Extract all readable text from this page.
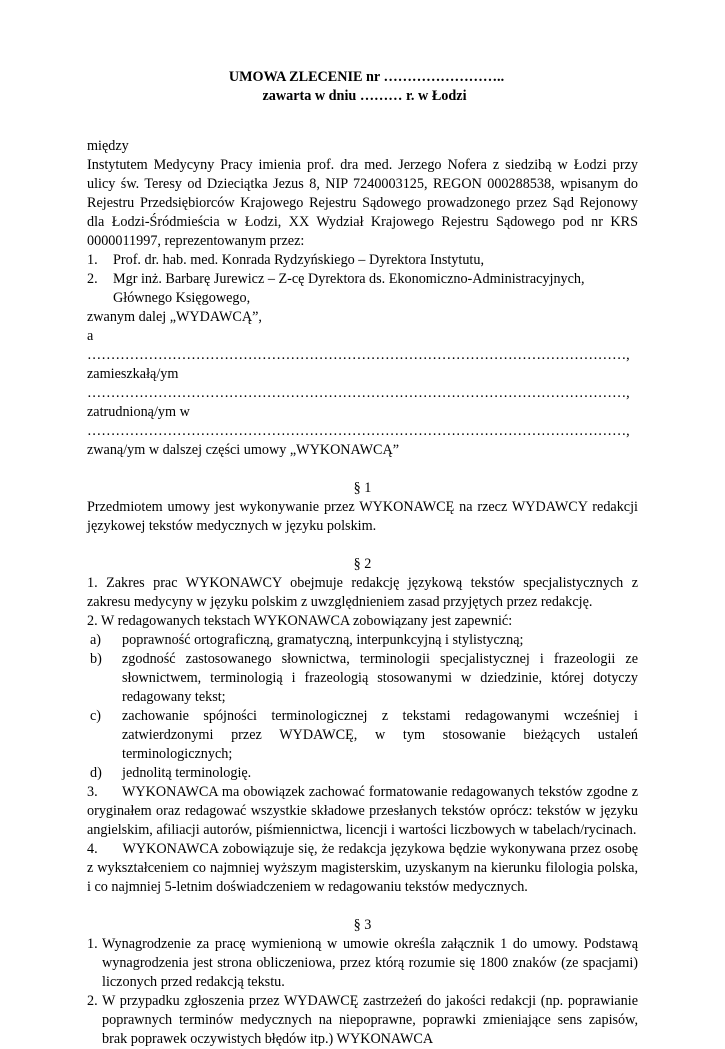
UMOWA ZLECENIE nr ……………………..

zawarta w dniu ……… r. w Łodzi

między

Instytutem Medycyny Pracy imienia prof. dra med. Jerzego Nofera z siedzibą w Łodzi przy ulicy św. Teresy od Dzieciątka Jezus 8, NIP 7240003125, REGON 000288538, wpisanym do Rejestru Przedsiębiorców Krajowego Rejestru Sądowego prowadzonego przez Sąd Rejonowy dla Łodzi-Śródmieścia w Łodzi, XX Wydział Krajowego Rejestru Sądowego pod nr KRS 0000011997, reprezentowanym przez:

1.	Prof. dr. hab. med. Konrada Rydzyńskiego – Dyrektora Instytutu,
2.	Mgr inż. Barbarę Jurewicz – Z-cę Dyrektora ds. Ekonomiczno-Administracyjnych, Głównego Księgowego,

zwanym dalej „WYDAWCĄ”,

a

……………………………………………………………………………………………………,

zamieszkałą/ym

……………………………………………………………………………………………………,

zatrudnioną/ym w

……………………………………………………………………………………………………,

zwaną/ym w dalszej części umowy „WYKONAWCĄ”

§ 1

Przedmiotem umowy jest wykonywanie przez WYKONAWCĘ na rzecz WYDAWCY redakcji językowej tekstów medycznych w języku polskim.

§ 2

1. Zakres prac WYKONAWCY obejmuje redakcję językową tekstów specjalistycznych z zakresu medycyny w języku polskim z uwzględnieniem zasad przyjętych przez redakcję.

2. W redagowanych tekstach WYKONAWCA zobowiązany jest zapewnić:

a)	poprawność ortograficzną, gramatyczną, interpunkcyjną i stylistyczną;
b)	zgodność zastosowanego słownictwa, terminologii specjalistycznej i frazeologii ze słownictwem, terminologią i frazeologią stosowanymi w dziedzinie, której dotyczy redagowany tekst;
c)	zachowanie spójności terminologicznej z tekstami redagowanymi wcześniej i zatwierdzonymi przez WYDAWCĘ, w tym stosowanie bieżących ustaleń terminologicznych;
d)	jednolitą terminologię.

3.      WYKONAWCA ma obowiązek zachować formatowanie redagowanych tekstów zgodne z oryginałem oraz redagować wszystkie składowe przesłanych tekstów oprócz: tekstów w języku angielskim, afiliacji autorów, piśmiennictwa, licencji i wartości liczbowych w tabelach/rycinach.

4.      WYKONAWCA zobowiązuje się, że redakcja językowa będzie wykonywana przez osobę z wykształceniem co najmniej wyższym magisterskim, uzyskanym na kierunku filologia polska, i co najmniej 5-letnim doświadczeniem w redagowaniu tekstów medycznych.

§ 3

1. Wynagrodzenie za pracę wymienioną w umowie określa załącznik 1 do umowy. Podstawą wynagrodzenia jest strona obliczeniowa, przez którą rozumie się 1800 znaków (ze spacjami) liczonych przed redakcją tekstu.
2. W przypadku zgłoszenia przez WYDAWCĘ zastrzeżeń do jakości redakcji (np. poprawianie poprawnych terminów medycznych na niepoprawne, poprawki zmieniające sens zapisów, brak poprawek oczywistych błędów itp.) WYKONAWCA
